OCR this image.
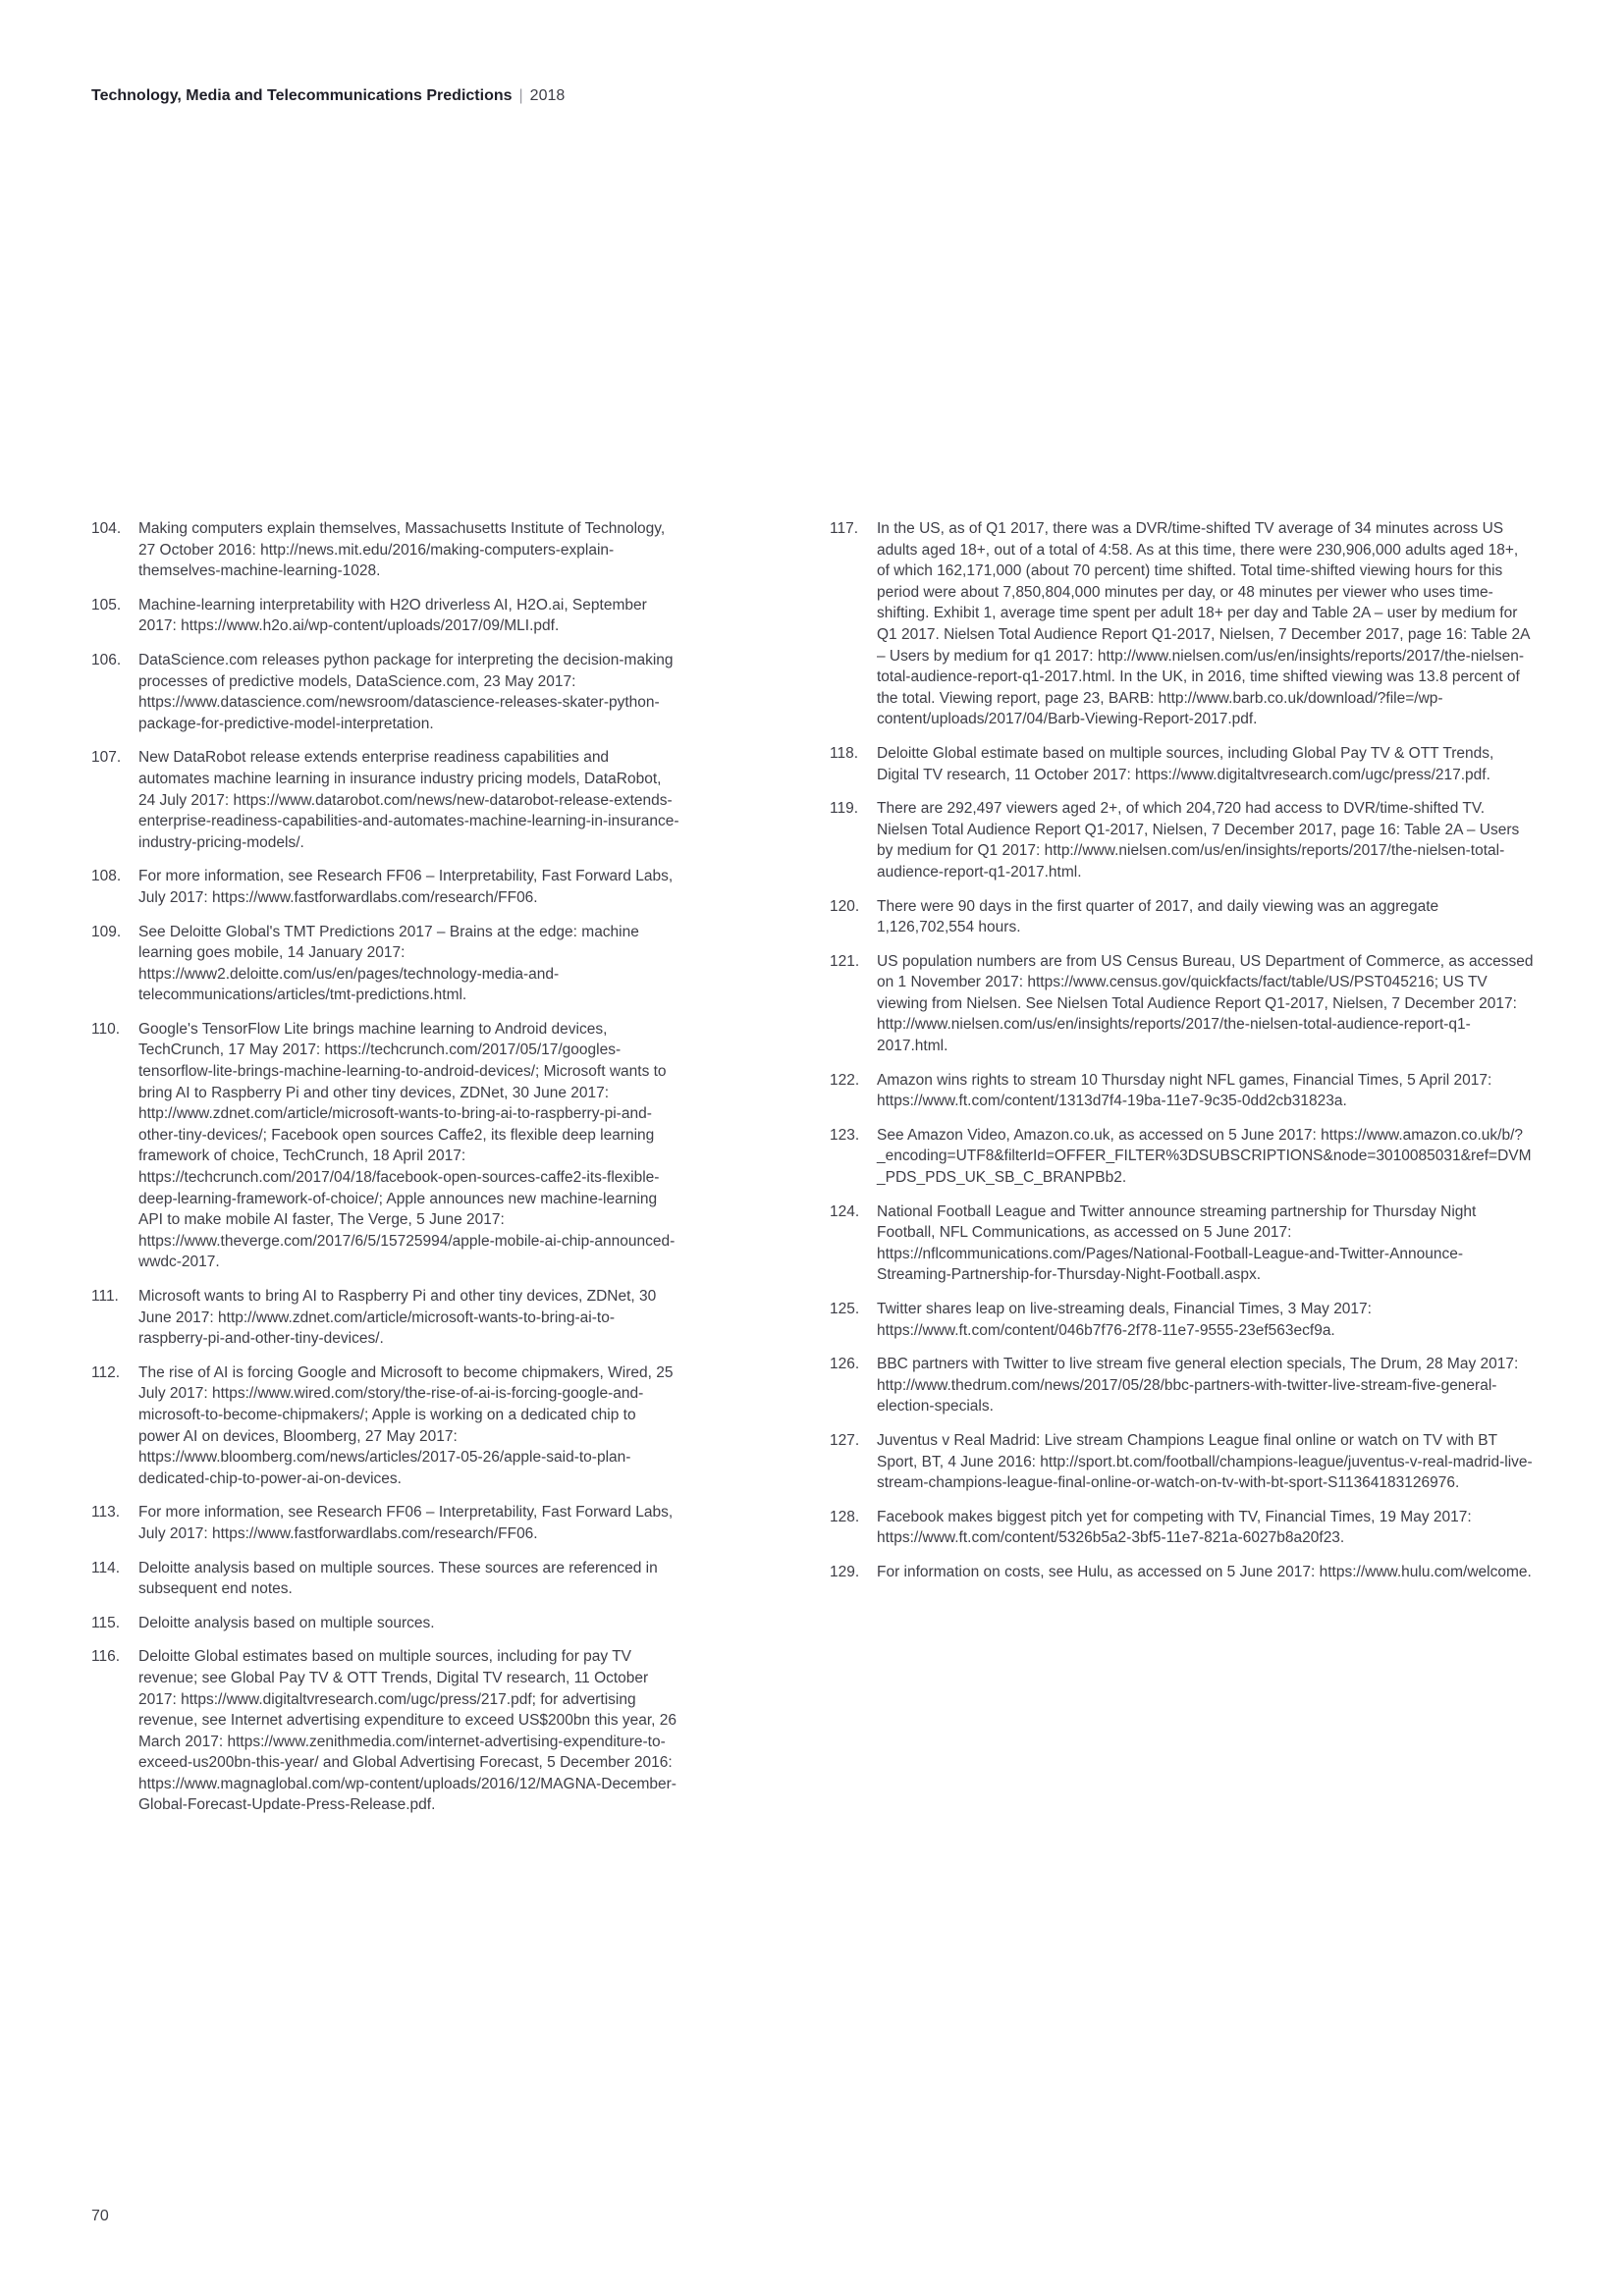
Technology, Media and Telecommunications Predictions | 2018
104.	Making computers explain themselves, Massachusetts Institute of Technology, 27 October 2016: http://news.mit.edu/2016/making-computers-explain-themselves-machine-learning-1028.
105.	Machine-learning interpretability with H2O driverless AI, H2O.ai, September 2017: https://www.h2o.ai/wp-content/uploads/2017/09/MLI.pdf.
106.	DataScience.com releases python package for interpreting the decision-making processes of predictive models, DataScience.com, 23 May 2017: https://www.datascience.com/newsroom/datascience-releases-skater-python-package-for-predictive-model-interpretation.
107.	New DataRobot release extends enterprise readiness capabilities and automates machine learning in insurance industry pricing models, DataRobot, 24 July 2017: https://www.datarobot.com/news/new-datarobot-release-extends-enterprise-readiness-capabilities-and-automates-machine-learning-in-insurance-industry-pricing-models/.
108.	For more information, see Research FF06 – Interpretability, Fast Forward Labs, July 2017: https://www.fastforwardlabs.com/research/FF06.
109.	See Deloitte Global's TMT Predictions 2017 – Brains at the edge: machine learning goes mobile, 14 January 2017: https://www2.deloitte.com/us/en/pages/technology-media-and-telecommunications/articles/tmt-predictions.html.
110.	Google's TensorFlow Lite brings machine learning to Android devices, TechCrunch, 17 May 2017: https://techcrunch.com/2017/05/17/googles-tensorflow-lite-brings-machine-learning-to-android-devices/; Microsoft wants to bring AI to Raspberry Pi and other tiny devices, ZDNet, 30 June 2017: http://www.zdnet.com/article/microsoft-wants-to-bring-ai-to-raspberry-pi-and-other-tiny-devices/; Facebook open sources Caffe2, its flexible deep learning framework of choice, TechCrunch, 18 April 2017: https://techcrunch.com/2017/04/18/facebook-open-sources-caffe2-its-flexible-deep-learning-framework-of-choice/; Apple announces new machine-learning API to make mobile AI faster, The Verge, 5 June 2017: https://www.theverge.com/2017/6/5/15725994/apple-mobile-ai-chip-announced-wwdc-2017.
111.	Microsoft wants to bring AI to Raspberry Pi and other tiny devices, ZDNet, 30 June 2017: http://www.zdnet.com/article/microsoft-wants-to-bring-ai-to-raspberry-pi-and-other-tiny-devices/.
112.	The rise of AI is forcing Google and Microsoft to become chipmakers, Wired, 25 July 2017: https://www.wired.com/story/the-rise-of-ai-is-forcing-google-and-microsoft-to-become-chipmakers/; Apple is working on a dedicated chip to power AI on devices, Bloomberg, 27 May 2017: https://www.bloomberg.com/news/articles/2017-05-26/apple-said-to-plan-dedicated-chip-to-power-ai-on-devices.
113.	For more information, see Research FF06 – Interpretability, Fast Forward Labs, July 2017: https://www.fastforwardlabs.com/research/FF06.
114.	Deloitte analysis based on multiple sources. These sources are referenced in subsequent end notes.
115.	Deloitte analysis based on multiple sources.
116.	Deloitte Global estimates based on multiple sources, including for pay TV revenue; see Global Pay TV & OTT Trends, Digital TV research, 11 October 2017: https://www.digitaltvresearch.com/ugc/press/217.pdf; for advertising revenue, see Internet advertising expenditure to exceed US$200bn this year, 26 March 2017: https://www.zenithmedia.com/internet-advertising-expenditure-to-exceed-us200bn-this-year/ and Global Advertising Forecast, 5 December 2016: https://www.magnaglobal.com/wp-content/uploads/2016/12/MAGNA-December-Global-Forecast-Update-Press-Release.pdf.
117.	In the US, as of Q1 2017, there was a DVR/time-shifted TV average of 34 minutes across US adults aged 18+, out of a total of 4:58. As at this time, there were 230,906,000 adults aged 18+, of which 162,171,000 (about 70 percent) time shifted. Total time-shifted viewing hours for this period were about 7,850,804,000 minutes per day, or 48 minutes per viewer who uses time-shifting. Exhibit 1, average time spent per adult 18+ per day and Table 2A – user by medium for Q1 2017. Nielsen Total Audience Report Q1-2017, Nielsen, 7 December 2017, page 16: Table 2A – Users by medium for q1 2017: http://www.nielsen.com/us/en/insights/reports/2017/the-nielsen-total-audience-report-q1-2017.html. In the UK, in 2016, time shifted viewing was 13.8 percent of the total. Viewing report, page 23, BARB: http://www.barb.co.uk/download/?file=/wp-content/uploads/2017/04/Barb-Viewing-Report-2017.pdf.
118.	Deloitte Global estimate based on multiple sources, including Global Pay TV & OTT Trends, Digital TV research, 11 October 2017: https://www.digitaltvresearch.com/ugc/press/217.pdf.
119.	There are 292,497 viewers aged 2+, of which 204,720 had access to DVR/time-shifted TV. Nielsen Total Audience Report Q1-2017, Nielsen, 7 December 2017, page 16: Table 2A – Users by medium for Q1 2017: http://www.nielsen.com/us/en/insights/reports/2017/the-nielsen-total-audience-report-q1-2017.html.
120.	There were 90 days in the first quarter of 2017, and daily viewing was an aggregate 1,126,702,554 hours.
121.	US population numbers are from US Census Bureau, US Department of Commerce, as accessed on 1 November 2017: https://www.census.gov/quickfacts/fact/table/US/PST045216; US TV viewing from Nielsen. See Nielsen Total Audience Report Q1-2017, Nielsen, 7 December 2017: http://www.nielsen.com/us/en/insights/reports/2017/the-nielsen-total-audience-report-q1-2017.html.
122.	Amazon wins rights to stream 10 Thursday night NFL games, Financial Times, 5 April 2017: https://www.ft.com/content/1313d7f4-19ba-11e7-9c35-0dd2cb31823a.
123.	See Amazon Video, Amazon.co.uk, as accessed on 5 June 2017: https://www.amazon.co.uk/b/?_encoding=UTF8&filterId=OFFER_FILTER%3DSUBSCRIPTIONS&node=3010085031&ref=DVM_PDS_PDS_UK_SB_C_BRANPBb2.
124.	National Football League and Twitter announce streaming partnership for Thursday Night Football, NFL Communications, as accessed on 5 June 2017: https://nflcommunications.com/Pages/National-Football-League-and-Twitter-Announce-Streaming-Partnership-for-Thursday-Night-Football.aspx.
125.	Twitter shares leap on live-streaming deals, Financial Times, 3 May 2017: https://www.ft.com/content/046b7f76-2f78-11e7-9555-23ef563ecf9a.
126.	BBC partners with Twitter to live stream five general election specials, The Drum, 28 May 2017: http://www.thedrum.com/news/2017/05/28/bbc-partners-with-twitter-live-stream-five-general-election-specials.
127.	Juventus v Real Madrid: Live stream Champions League final online or watch on TV with BT Sport, BT, 4 June 2016: http://sport.bt.com/football/champions-league/juventus-v-real-madrid-live-stream-champions-league-final-online-or-watch-on-tv-with-bt-sport-S11364183126976.
128.	Facebook makes biggest pitch yet for competing with TV, Financial Times, 19 May 2017: https://www.ft.com/content/5326b5a2-3bf5-11e7-821a-6027b8a20f23.
129.	For information on costs, see Hulu, as accessed on 5 June 2017: https://www.hulu.com/welcome.
70
